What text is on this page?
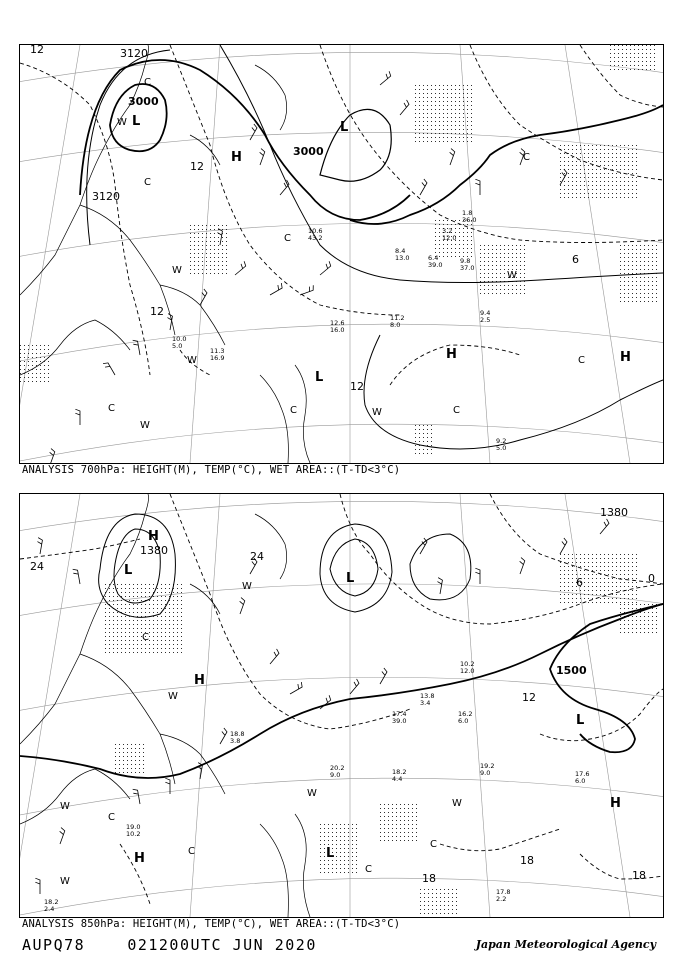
3000
3000
3120
3120
12
12
12
12
6
L	L
L
H
H	H
W
W
W
W
W
W
C
C
C
C
C	C	C
C
9.2
5.0
11.2
8.0
9.4
2.5
10.6
43.2
12.6
16.0
11.3
16.9
10.0
5.0
8.4
13.0	6.4
39.0	9.8
37.0
1.8
36.0
3.2
12.0
ANALYSIS 700hPa: HEIGHT(M), TEMP(°C), WET AREA::(T-TD<3°C)
1380
1380
1500
24
24
18
18	18
12
6	0
L
L
L
L
H
H
H
H
W
W
W
W
W
W
C
C
C
C
C
19.2
9.0	17.6
6.0
18.2
4.4
17.8
2.2
18.2
2.4
19.0
10.2
16.2
6.0
10.2
12.0
17.4
39.0
20.2
9.0
13.8
3.4
18.8
3.8
ANALYSIS 850hPa: HEIGHT(M), TEMP(°C), WET AREA::(T-TD<3°C)
AUPQ78	021200UTC JUN 2020	Japan Meteorological Agency
